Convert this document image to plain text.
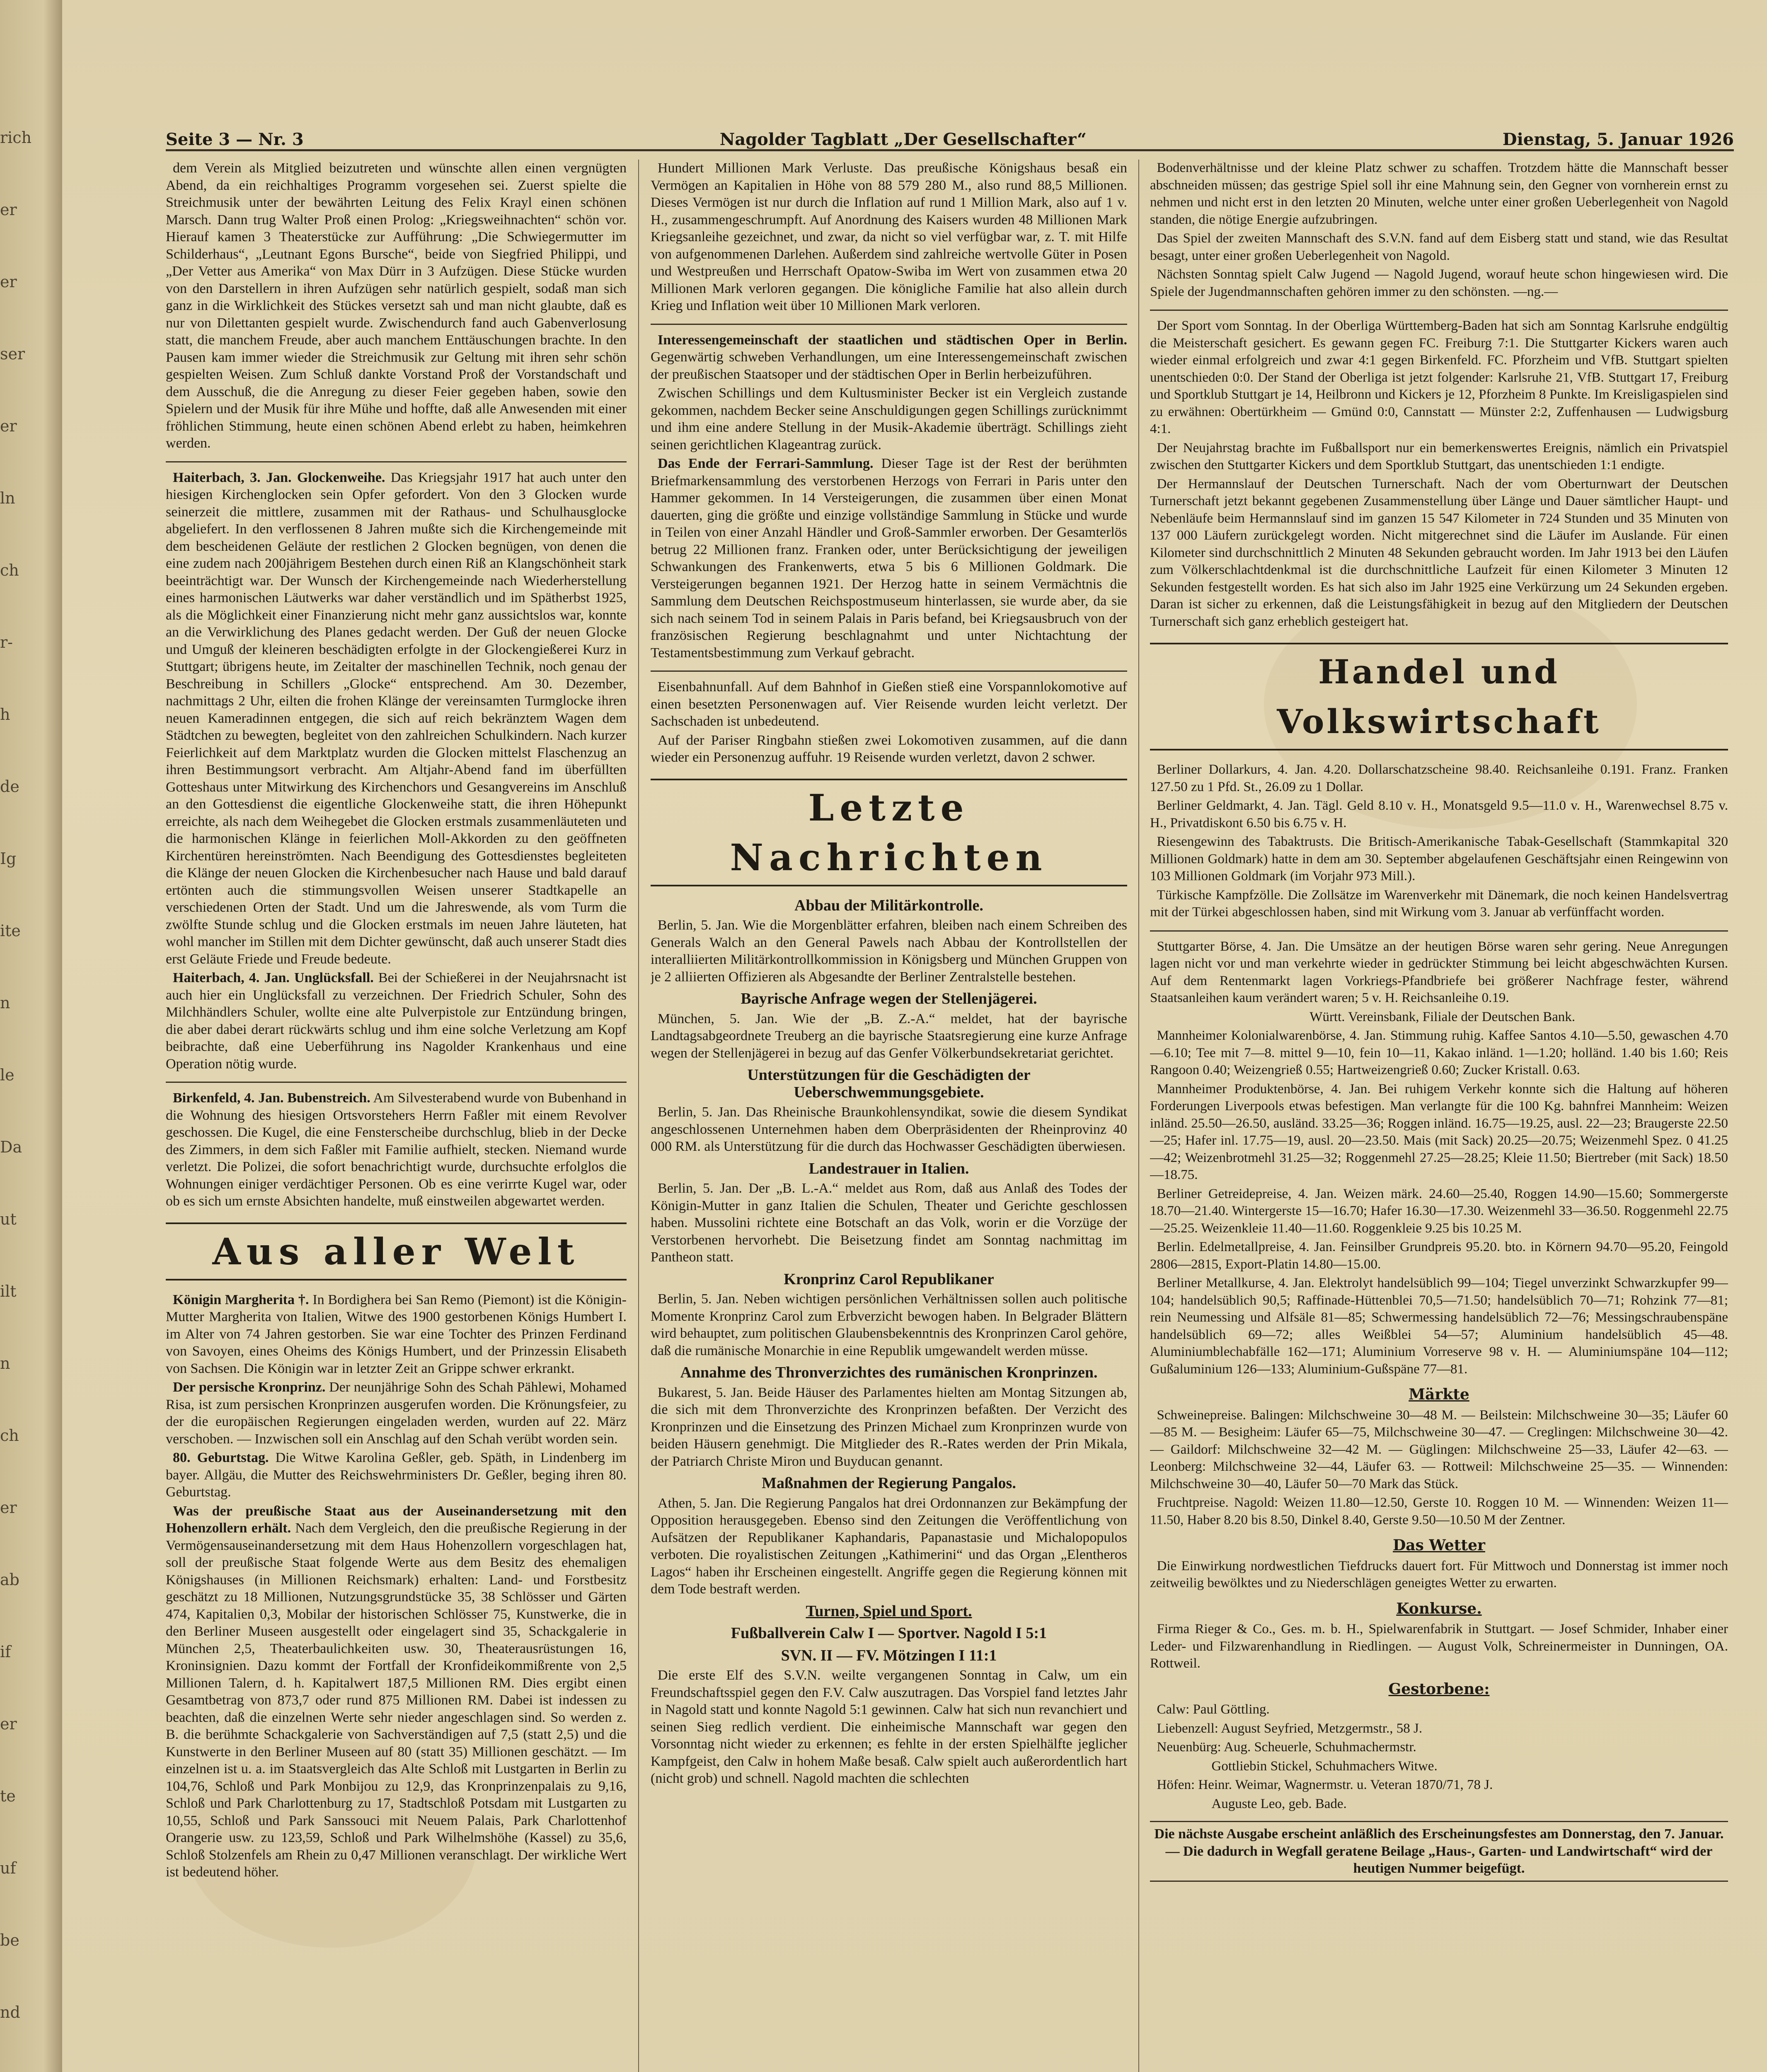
rich
er
er
ser
er
ln
ch
r-
h
de
Ig
ite
n
le
Da
ut
ilt
n
ch
er
ab
if
er
te
uf
be
nd
Seite 3 — Nr. 3	Nagolder Tagblatt „Der Gesellschafter“	Dienstag, 5. Januar 1926

dem Verein als Mitglied beizutreten und wünschte allen einen vergnügten Abend, da ein reichhaltiges Programm vorgesehen sei. Zuerst spielte die Streichmusik unter der bewährten Leitung des Felix Krayl einen schönen Marsch. Dann trug Walter Proß einen Prolog: „Kriegsweihnachten“ schön vor. Hierauf kamen 3 Theaterstücke zur Aufführung: „Die Schwiegermutter im Schilderhaus“, „Leutnant Egons Bursche“, beide von Siegfried Philippi, und „Der Vetter aus Amerika“ von Max Dürr in 3 Aufzügen. Diese Stücke wurden von den Darstellern in ihren Aufzügen sehr natürlich gespielt, sodaß man sich ganz in die Wirklichkeit des Stückes versetzt sah und man nicht glaubte, daß es nur von Dilettanten gespielt wurde. Zwischendurch fand auch Gabenverlosung statt, die manchem Freude, aber auch manchem Enttäuschungen brachte. In den Pausen kam immer wieder die Streichmusik zur Geltung mit ihren sehr schön gespielten Weisen. Zum Schluß dankte Vorstand Proß der Vorstandschaft und dem Ausschuß, die die Anregung zu dieser Feier gegeben haben, sowie den Spielern und der Musik für ihre Mühe und hoffte, daß alle Anwesenden mit einer fröhlichen Stimmung, heute einen schönen Abend erlebt zu haben, heimkehren werden.

Haiterbach, 3. Jan. Glockenweihe. Das Kriegsjahr 1917 hat auch unter den hiesigen Kirchenglocken sein Opfer gefordert. Von den 3 Glocken wurde seinerzeit die mittlere, zusammen mit der Rathaus- und Schulhausglocke abgeliefert. In den verflossenen 8 Jahren mußte sich die Kirchengemeinde mit dem bescheidenen Geläute der restlichen 2 Glocken begnügen, von denen die eine zudem nach 200jährigem Bestehen durch einen Riß an Klangschönheit stark beeinträchtigt war. Der Wunsch der Kirchengemeinde nach Wiederherstellung eines harmonischen Läutwerks war daher verständlich und im Spätherbst 1925, als die Möglichkeit einer Finanzierung nicht mehr ganz aussichtslos war, konnte an die Verwirklichung des Planes gedacht werden. Der Guß der neuen Glocke und Umguß der kleineren beschädigten erfolgte in der Glockengießerei Kurz in Stuttgart; übrigens heute, im Zeitalter der maschinellen Technik, noch genau der Beschreibung in Schillers „Glocke“ entsprechend. Am 30. Dezember, nachmittags 2 Uhr, eilten die frohen Klänge der vereinsamten Turmglocke ihren neuen Kameradinnen entgegen, die sich auf reich bekränztem Wagen dem Städtchen zu bewegten, begleitet von den zahlreichen Schulkindern. Nach kurzer Feierlichkeit auf dem Marktplatz wurden die Glocken mittelst Flaschenzug an ihren Bestimmungsort verbracht. Am Altjahr-Abend fand im überfüllten Gotteshaus unter Mitwirkung des Kirchenchors und Gesangvereins im Anschluß an den Gottesdienst die eigentliche Glockenweihe statt, die ihren Höhepunkt erreichte, als nach dem Weihegebet die Glocken erstmals zusammenläuteten und die harmonischen Klänge in feierlichen Moll-Akkorden zu den geöffneten Kirchentüren hereinströmten. Nach Beendigung des Gottesdienstes begleiteten die Klänge der neuen Glocken die Kirchenbesucher nach Hause und bald darauf ertönten auch die stimmungsvollen Weisen unserer Stadtkapelle an verschiedenen Orten der Stadt. Und um die Jahreswende, als vom Turm die zwölfte Stunde schlug und die Glocken erstmals im neuen Jahre läuteten, hat wohl mancher im Stillen mit dem Dichter gewünscht, daß auch unserer Stadt dies erst Geläute Friede und Freude bedeute.

Haiterbach, 4. Jan. Unglücksfall. Bei der Schießerei in der Neujahrsnacht ist auch hier ein Unglücksfall zu verzeichnen. Der Friedrich Schuler, Sohn des Milchhändlers Schuler, wollte eine alte Pulverpistole zur Entzündung bringen, die aber dabei derart rückwärts schlug und ihm eine solche Verletzung am Kopf beibrachte, daß eine Ueberführung ins Nagolder Krankenhaus und eine Operation nötig wurde.

Birkenfeld, 4. Jan. Bubenstreich. Am Silvesterabend wurde von Bubenhand in die Wohnung des hiesigen Ortsvorstehers Herrn Faßler mit einem Revolver geschossen. Die Kugel, die eine Fensterscheibe durchschlug, blieb in der Decke des Zimmers, in dem sich Faßler mit Familie aufhielt, stecken. Niemand wurde verletzt. Die Polizei, die sofort benachrichtigt wurde, durchsuchte erfolglos die Wohnungen einiger verdächtiger Personen. Ob es eine verirrte Kugel war, oder ob es sich um ernste Absichten handelte, muß einstweilen abgewartet werden.

Aus aller Welt

Königin Margherita †. In Bordighera bei San Remo (Piemont) ist die Königin-Mutter Margherita von Italien, Witwe des 1900 gestorbenen Königs Humbert I. im Alter von 74 Jahren gestorben. Sie war eine Tochter des Prinzen Ferdinand von Savoyen, eines Oheims des Königs Humbert, und der Prinzessin Elisabeth von Sachsen. Die Königin war in letzter Zeit an Grippe schwer erkrankt.

Der persische Kronprinz. Der neunjährige Sohn des Schah Pählewi, Mohamed Risa, ist zum persischen Kronprinzen ausgerufen worden. Die Krönungsfeier, zu der die europäischen Regierungen eingeladen werden, wurden auf 22. März verschoben. — Inzwischen soll ein Anschlag auf den Schah verübt worden sein.

80. Geburtstag. Die Witwe Karolina Geßler, geb. Späth, in Lindenberg im bayer. Allgäu, die Mutter des Reichswehrministers Dr. Geßler, beging ihren 80. Geburtstag.

Was der preußische Staat aus der Auseinandersetzung mit den Hohenzollern erhält. Nach dem Vergleich, den die preußische Regierung in der Vermögensauseinandersetzung mit dem Haus Hohenzollern vorgeschlagen hat, soll der preußische Staat folgende Werte aus dem Besitz des ehemaligen Königshauses (in Millionen Reichsmark) erhalten: Land- und Forstbesitz geschätzt zu 18 Millionen, Nutzungsgrundstücke 35, 38 Schlösser und Gärten 474, Kapitalien 0,3, Mobilar der historischen Schlösser 75, Kunstwerke, die in den Berliner Museen ausgestellt oder eingelagert sind 35, Schackgalerie in München 2,5, Theaterbaulichkeiten usw. 30, Theaterausrüstungen 16, Kroninsignien. Dazu kommt der Fortfall der Kronfideikommißrente von 2,5 Millionen Talern, d. h. Kapitalwert 187,5 Millionen RM. Dies ergibt einen Gesamtbetrag von 873,7 oder rund 875 Millionen RM. Dabei ist indessen zu beachten, daß die einzelnen Werte sehr nieder angeschlagen sind. So werden z. B. die berühmte Schackgalerie von Sachverständigen auf 7,5 (statt 2,5) und die Kunstwerte in den Berliner Museen auf 80 (statt 35) Millionen geschätzt. — Im einzelnen ist u. a. im Staatsvergleich das Alte Schloß mit Lustgarten in Berlin zu 104,76, Schloß und Park Monbijou zu 12,9, das Kronprinzenpalais zu 9,16, Schloß und Park Charlottenburg zu 17, Stadtschloß Potsdam mit Lustgarten zu 10,55, Schloß und Park Sanssouci mit Neuem Palais, Park Charlottenhof Orangerie usw. zu 123,59, Schloß und Park Wilhelmshöhe (Kassel) zu 35,6, Schloß Stolzenfels am Rhein zu 0,47 Millionen veranschlagt. Der wirkliche Wert ist bedeutend höher.

Hundert Millionen Mark Verluste. Das preußische Königshaus besaß ein Vermögen an Kapitalien in Höhe von 88 579 280 M., also rund 88,5 Millionen. Dieses Vermögen ist nur durch die Inflation auf rund 1 Million Mark, also auf 1 v. H., zusammengeschrumpft. Auf Anordnung des Kaisers wurden 48 Millionen Mark Kriegsanleihe gezeichnet, und zwar, da nicht so viel verfügbar war, z. T. mit Hilfe von aufgenommenen Darlehen. Außerdem sind zahlreiche wertvolle Güter in Posen und Westpreußen und Herrschaft Opatow-Swiba im Wert von zusammen etwa 20 Millionen Mark verloren gegangen. Die königliche Familie hat also allein durch Krieg und Inflation weit über 10 Millionen Mark verloren.

Interessengemeinschaft der staatlichen und städtischen Oper in Berlin. Gegenwärtig schweben Verhandlungen, um eine Interessengemeinschaft zwischen der preußischen Staatsoper und der städtischen Oper in Berlin herbeizuführen.

Zwischen Schillings und dem Kultusminister Becker ist ein Vergleich zustande gekommen, nachdem Becker seine Anschuldigungen gegen Schillings zurücknimmt und ihm eine andere Stellung in der Musik-Akademie überträgt. Schillings zieht seinen gerichtlichen Klageantrag zurück.

Das Ende der Ferrari-Sammlung. Dieser Tage ist der Rest der berühmten Briefmarkensammlung des verstorbenen Herzogs von Ferrari in Paris unter den Hammer gekommen. In 14 Versteigerungen, die zusammen über einen Monat dauerten, ging die größte und einzige vollständige Sammlung in Stücke und wurde in Teilen von einer Anzahl Händler und Groß-Sammler erworben. Der Gesamterlös betrug 22 Millionen franz. Franken oder, unter Berücksichtigung der jeweiligen Schwankungen des Frankenwerts, etwa 5 bis 6 Millionen Goldmark. Die Versteigerungen begannen 1921. Der Herzog hatte in seinem Vermächtnis die Sammlung dem Deutschen Reichspostmuseum hinterlassen, sie wurde aber, da sie sich nach seinem Tod in seinem Palais in Paris befand, bei Kriegsausbruch von der französischen Regierung beschlagnahmt und unter Nichtachtung der Testamentsbestimmung zum Verkauf gebracht.

Eisenbahnunfall. Auf dem Bahnhof in Gießen stieß eine Vorspannlokomotive auf einen besetzten Personenwagen auf. Vier Reisende wurden leicht verletzt. Der Sachschaden ist unbedeutend.

Auf der Pariser Ringbahn stießen zwei Lokomotiven zusammen, auf die dann wieder ein Personenzug auffuhr. 19 Reisende wurden verletzt, davon 2 schwer.

Letzte Nachrichten
Abbau der Militärkontrolle.

Berlin, 5. Jan. Wie die Morgenblätter erfahren, bleiben nach einem Schreiben des Generals Walch an den General Pawels nach Abbau der Kontrollstellen der interalliierten Militärkontrollkommission in Königsberg und München Gruppen von je 2 alliierten Offizieren als Abgesandte der Berliner Zentralstelle bestehen.

Bayrische Anfrage wegen der Stellenjägerei.

München, 5. Jan. Wie der „B. Z.-A.“ meldet, hat der bayrische Landtagsabgeordnete Treuberg an die bayrische Staatsregierung eine kurze Anfrage wegen der Stellenjägerei in bezug auf das Genfer Völkerbundsekretariat gerichtet.

Unterstützungen für die Geschädigten der Ueberschwemmungsgebiete.

Berlin, 5. Jan. Das Rheinische Braunkohlensyndikat, sowie die diesem Syndikat angeschlossenen Unternehmen haben dem Oberpräsidenten der Rheinprovinz 40 000 RM. als Unterstützung für die durch das Hochwasser Geschädigten überwiesen.

Landestrauer in Italien.

Berlin, 5. Jan. Der „B. L.-A.“ meldet aus Rom, daß aus Anlaß des Todes der Königin-Mutter in ganz Italien die Schulen, Theater und Gerichte geschlossen haben. Mussolini richtete eine Botschaft an das Volk, worin er die Vorzüge der Verstorbenen hervorhebt. Die Beisetzung findet am Sonntag nachmittag im Pantheon statt.

Kronprinz Carol Republikaner

Berlin, 5. Jan. Neben wichtigen persönlichen Verhältnissen sollen auch politische Momente Kronprinz Carol zum Erbverzicht bewogen haben. In Belgrader Blättern wird behauptet, zum politischen Glaubensbekenntnis des Kronprinzen Carol gehöre, daß die rumänische Monarchie in eine Republik umgewandelt werden müsse.

Annahme des Thronverzichtes des rumänischen Kronprinzen.

Bukarest, 5. Jan. Beide Häuser des Parlamentes hielten am Montag Sitzungen ab, die sich mit dem Thronverzichte des Kronprinzen befaßten. Der Verzicht des Kronprinzen und die Einsetzung des Prinzen Michael zum Kronprinzen wurde von beiden Häusern genehmigt. Die Mitglieder des R.-Rates werden der Prin Mikala, der Patriarch Christe Miron und Buyducan genannt.

Maßnahmen der Regierung Pangalos.

Athen, 5. Jan. Die Regierung Pangalos hat drei Ordonnanzen zur Bekämpfung der Opposition herausgegeben. Ebenso sind den Zeitungen die Veröffentlichung von Aufsätzen der Republikaner Kaphandaris, Papanastasie und Michalopopulos verboten. Die royalistischen Zeitungen „Kathimerini“ und das Organ „Elentheros Lagos“ haben ihr Erscheinen eingestellt. Angriffe gegen die Regierung können mit dem Tode bestraft werden.

Turnen, Spiel und Sport.
Fußballverein Calw I — Sportver. Nagold I 5:1
SVN. II — FV. Mötzingen I 11:1

Die erste Elf des S.V.N. weilte vergangenen Sonntag in Calw, um ein Freundschaftsspiel gegen den F.V. Calw auszutragen. Das Vorspiel fand letztes Jahr in Nagold statt und konnte Nagold 5:1 gewinnen. Calw hat sich nun revanchiert und seinen Sieg redlich verdient. Die einheimische Mannschaft war gegen den Vorsonntag nicht wieder zu erkennen; es fehlte in der ersten Spielhälfte jeglicher Kampfgeist, den Calw in hohem Maße besaß. Calw spielt auch außerordentlich hart (nicht grob) und schnell. Nagold machten die schlechten

Bodenverhältnisse und der kleine Platz schwer zu schaffen. Trotzdem hätte die Mannschaft besser abschneiden müssen; das gestrige Spiel soll ihr eine Mahnung sein, den Gegner von vornherein ernst zu nehmen und nicht erst in den letzten 20 Minuten, welche unter einer großen Ueberlegenheit von Nagold standen, die nötige Energie aufzubringen.

Das Spiel der zweiten Mannschaft des S.V.N. fand auf dem Eisberg statt und stand, wie das Resultat besagt, unter einer großen Ueberlegenheit von Nagold.

Nächsten Sonntag spielt Calw Jugend — Nagold Jugend, worauf heute schon hingewiesen wird. Die Spiele der Jugendmannschaften gehören immer zu den schönsten. —ng.—

Der Sport vom Sonntag. In der Oberliga Württemberg-Baden hat sich am Sonntag Karlsruhe endgültig die Meisterschaft gesichert. Es gewann gegen FC. Freiburg 7:1. Die Stuttgarter Kickers waren auch wieder einmal erfolgreich und zwar 4:1 gegen Birkenfeld. FC. Pforzheim und VfB. Stuttgart spielten unentschieden 0:0. Der Stand der Oberliga ist jetzt folgender: Karlsruhe 21, VfB. Stuttgart 17, Freiburg und Sportklub Stuttgart je 14, Heilbronn und Kickers je 12, Pforzheim 8 Punkte. Im Kreisligaspielen sind zu erwähnen: Obertürkheim — Gmünd 0:0, Cannstatt — Münster 2:2, Zuffenhausen — Ludwigsburg 4:1.

Der Neujahrstag brachte im Fußballsport nur ein bemerkenswertes Ereignis, nämlich ein Privatspiel zwischen den Stuttgarter Kickers und dem Sportklub Stuttgart, das unentschieden 1:1 endigte.

Der Hermannslauf der Deutschen Turnerschaft. Nach der vom Oberturnwart der Deutschen Turnerschaft jetzt bekannt gegebenen Zusammenstellung über Länge und Dauer sämtlicher Haupt- und Nebenläufe beim Hermannslauf sind im ganzen 15 547 Kilometer in 724 Stunden und 35 Minuten von 137 000 Läufern zurückgelegt worden. Nicht mitgerechnet sind die Läufer im Auslande. Für einen Kilometer sind durchschnittlich 2 Minuten 48 Sekunden gebraucht worden. Im Jahr 1913 bei den Läufen zum Völkerschlachtdenkmal ist die durchschnittliche Laufzeit für einen Kilometer 3 Minuten 12 Sekunden festgestellt worden. Es hat sich also im Jahr 1925 eine Verkürzung um 24 Sekunden ergeben. Daran ist sicher zu erkennen, daß die Leistungsfähigkeit in bezug auf den Mitgliedern der Deutschen Turnerschaft sich ganz erheblich gesteigert hat.

Handel und Volkswirtschaft

Berliner Dollarkurs, 4. Jan. 4.20. Dollarschatzscheine 98.40. Reichsanleihe 0.191. Franz. Franken 127.50 zu 1 Pfd. St., 26.09 zu 1 Dollar.

Berliner Geldmarkt, 4. Jan. Tägl. Geld 8.10 v. H., Monatsgeld 9.5—11.0 v. H., Warenwechsel 8.75 v. H., Privatdiskont 6.50 bis 6.75 v. H.

Riesengewinn des Tabaktrusts. Die Britisch-Amerikanische Tabak-Gesellschaft (Stammkapital 320 Millionen Goldmark) hatte in dem am 30. September abgelaufenen Geschäftsjahr einen Reingewinn von 103 Millionen Goldmark (im Vorjahr 973 Mill.).

Türkische Kampfzölle. Die Zollsätze im Warenverkehr mit Dänemark, die noch keinen Handelsvertrag mit der Türkei abgeschlossen haben, sind mit Wirkung vom 3. Januar ab verfünffacht worden.

Stuttgarter Börse, 4. Jan. Die Umsätze an der heutigen Börse waren sehr gering. Neue Anregungen lagen nicht vor und man verkehrte wieder in gedrückter Stimmung bei leicht abgeschwächten Kursen. Auf dem Rentenmarkt lagen Vorkriegs-Pfandbriefe bei größerer Nachfrage fester, während Staatsanleihen kaum verändert waren; 5 v. H. Reichsanleihe 0.19.

Württ. Vereinsbank, Filiale der Deutschen Bank.

Mannheimer Kolonialwarenbörse, 4. Jan. Stimmung ruhig. Kaffee Santos 4.10—5.50, gewaschen 4.70—6.10; Tee mit 7—8. mittel 9—10, fein 10—11, Kakao inländ. 1—1.20; holländ. 1.40 bis 1.60; Reis Rangoon 0.40; Weizengrieß 0.55; Hartweizengrieß 0.60; Zucker Kristall. 0.63.

Mannheimer Produktenbörse, 4. Jan. Bei ruhigem Verkehr konnte sich die Haltung auf höheren Forderungen Liverpools etwas befestigen. Man verlangte für die 100 Kg. bahnfrei Mannheim: Weizen inländ. 25.50—26.50, ausländ. 33.25—36; Roggen inländ. 16.75—19.25, ausl. 22—23; Braugerste 22.50—25; Hafer inl. 17.75—19, ausl. 20—23.50. Mais (mit Sack) 20.25—20.75; Weizenmehl Spez. 0 41.25—42; Weizenbrotmehl 31.25—32; Roggenmehl 27.25—28.25; Kleie 11.50; Biertreber (mit Sack) 18.50—18.75.

Berliner Getreidepreise, 4. Jan. Weizen märk. 24.60—25.40, Roggen 14.90—15.60; Sommergerste 18.70—21.40. Wintergerste 15—16.70; Hafer 16.30—17.30. Weizenmehl 33—36.50. Roggenmehl 22.75—25.25. Weizenkleie 11.40—11.60. Roggenkleie 9.25 bis 10.25 M.

Berlin. Edelmetallpreise, 4. Jan. Feinsilber Grundpreis 95.20. bto. in Körnern 94.70—95.20, Feingold 2806—2815, Export-Platin 14.80—15.00.

Berliner Metallkurse, 4. Jan. Elektrolyt handelsüblich 99—104; Tiegel unverzinkt Schwarzkupfer 99—104; handelsüblich 90,5; Raffinade-Hüttenblei 70,5—71.50; handelsüblich 70—71; Rohzink 77—81; rein Neumessing und Alfsäle 81—85; Schwermessing handelsüblich 72—76; Messingschraubenspäne handelsüblich 69—72; alles Weißblei 54—57; Aluminium handelsüblich 45—48. Aluminiumblechabfälle 162—171; Aluminium Vorreserve 98 v. H. — Aluminiumspäne 104—112; Gußaluminium 126—133; Aluminium-Gußspäne 77—81.

Märkte

Schweinepreise. Balingen: Milchschweine 30—48 M. — Beilstein: Milchschweine 30—35; Läufer 60—85 M. — Besigheim: Läufer 65—75, Milchschweine 30—47. — Creglingen: Milchschweine 30—42. — Gaildorf: Milchschweine 32—42 M. — Güglingen: Milchschweine 25—33, Läufer 42—63. — Leonberg: Milchschweine 32—44, Läufer 63. — Rottweil: Milchschweine 25—35. — Winnenden: Milchschweine 30—40, Läufer 50—70 Mark das Stück.

Fruchtpreise. Nagold: Weizen 11.80—12.50, Gerste 10. Roggen 10 M. — Winnenden: Weizen 11—11.50, Haber 8.20 bis 8.50, Dinkel 8.40, Gerste 9.50—10.50 M der Zentner.

Das Wetter

Die Einwirkung nordwestlichen Tiefdrucks dauert fort. Für Mittwoch und Donnerstag ist immer noch zeitweilig bewölktes und zu Niederschlägen geneigtes Wetter zu erwarten.

Konkurse.

Firma Rieger & Co., Ges. m. b. H., Spielwarenfabrik in Stuttgart. — Josef Schmider, Inhaber einer Leder- und Filzwarenhandlung in Riedlingen. — August Volk, Schreinermeister in Dunningen, OA. Rottweil.

Gestorbene:

Calw: Paul Göttling.

Liebenzell: August Seyfried, Metzgermstr., 58 J.

Neuenbürg: Aug. Scheuerle, Schuhmachermstr.

Gottliebin Stickel, Schuhmachers Witwe.

Höfen: Heinr. Weimar, Wagnermstr. u. Veteran 1870/71, 78 J.

Auguste Leo, geb. Bade.

Die nächste Ausgabe erscheint anläßlich des Erscheinungsfestes am Donnerstag, den 7. Januar. — Die dadurch in Wegfall geratene Beilage „Haus-, Garten- und Landwirtschaft“ wird der heutigen Nummer beigefügt.
